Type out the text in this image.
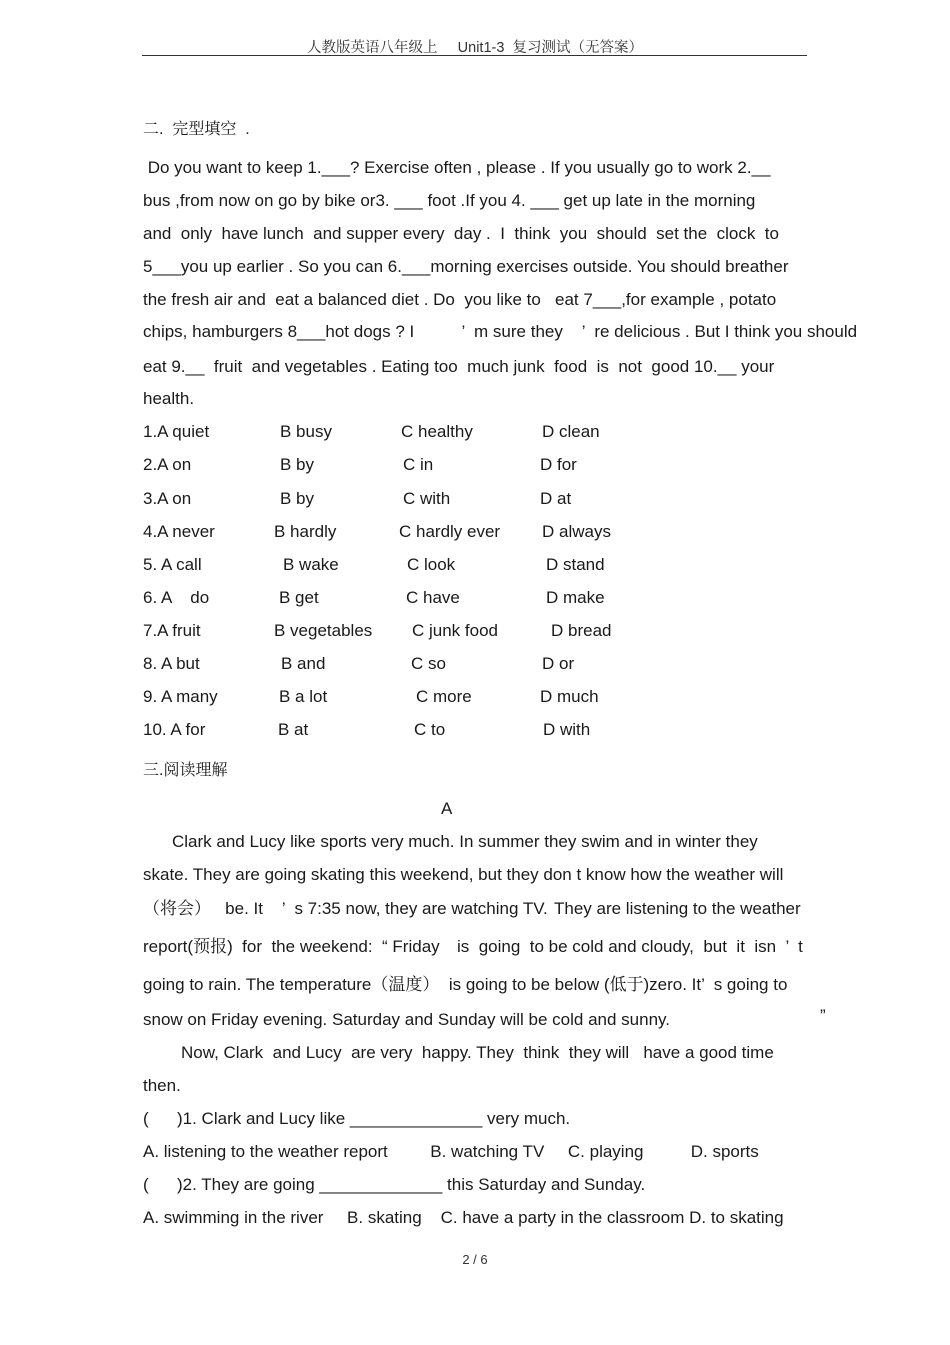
人教版英语八年级上     Unit1-3  复习测试（无答案）
二.  完型填空  .
Do you want to keep 1.___? Exercise often , please . If you usually go to work 2.__
bus ,from now on go by bike or3. ___ foot .If you 4. ___ get up late in the morning
and  only  have lunch  and supper every  day .  I  think  you  should  set the  clock  to
5___you up earlier . So you can 6.___morning exercises outside. You should breather
the fresh air and  eat a balanced diet . Do  you like to   eat 7___,for example , potato
chips, hamburgers 8___hot dogs ? I          ’  m sure they    ’  re delicious . But I think you should
eat 9.__  fruit  and vegetables . Eating too  much junk  food  is  not  good 10.__ your
health.
1.A quiet	B busy	C healthy	D clean
2.A on	B by	C in	D for
3.A on	B by	C with	D at
4.A never	B hardly	C hardly ever D always
5. A call	B wake	C look	D stand
6. A    do	B get	C have	D make
7.A fruit	B vegetables C junk food	D bread
8. A but	B and	C so	D or
9. A many	B a lot	C more	D much
10. A for	B at	C to	D with
三.阅读理解
A
Clark and Lucy like sports very much. In summer they swim and in winter they
skate. They are going skating this weekend, but they don t know how the weather will
（将会）   be. It    ’  s 7:35 now, they are watching TV. They are listening to the weather
report(预报)  for  the weekend:  “ Friday is  going  to be cold and cloudy,  but  it  isn  ’  t
going to rain. The temperature（温度）  is going to be below (低于)zero. It’  s going to
snow on Friday evening. Saturday and Sunday will be cold and sunny.	”
Now, Clark  and Lucy  are very  happy. They  think  they will   have a good time
then.
(      )1. Clark and Lucy like ______________ very much.
A. listening to the weather report         B. watching TV     C. playing          D. sports
(      )2. They are going _____________ this Saturday and Sunday.
A. swimming in the river     B. skating    C. have a party in the classroom D. to skating
2 / 6
